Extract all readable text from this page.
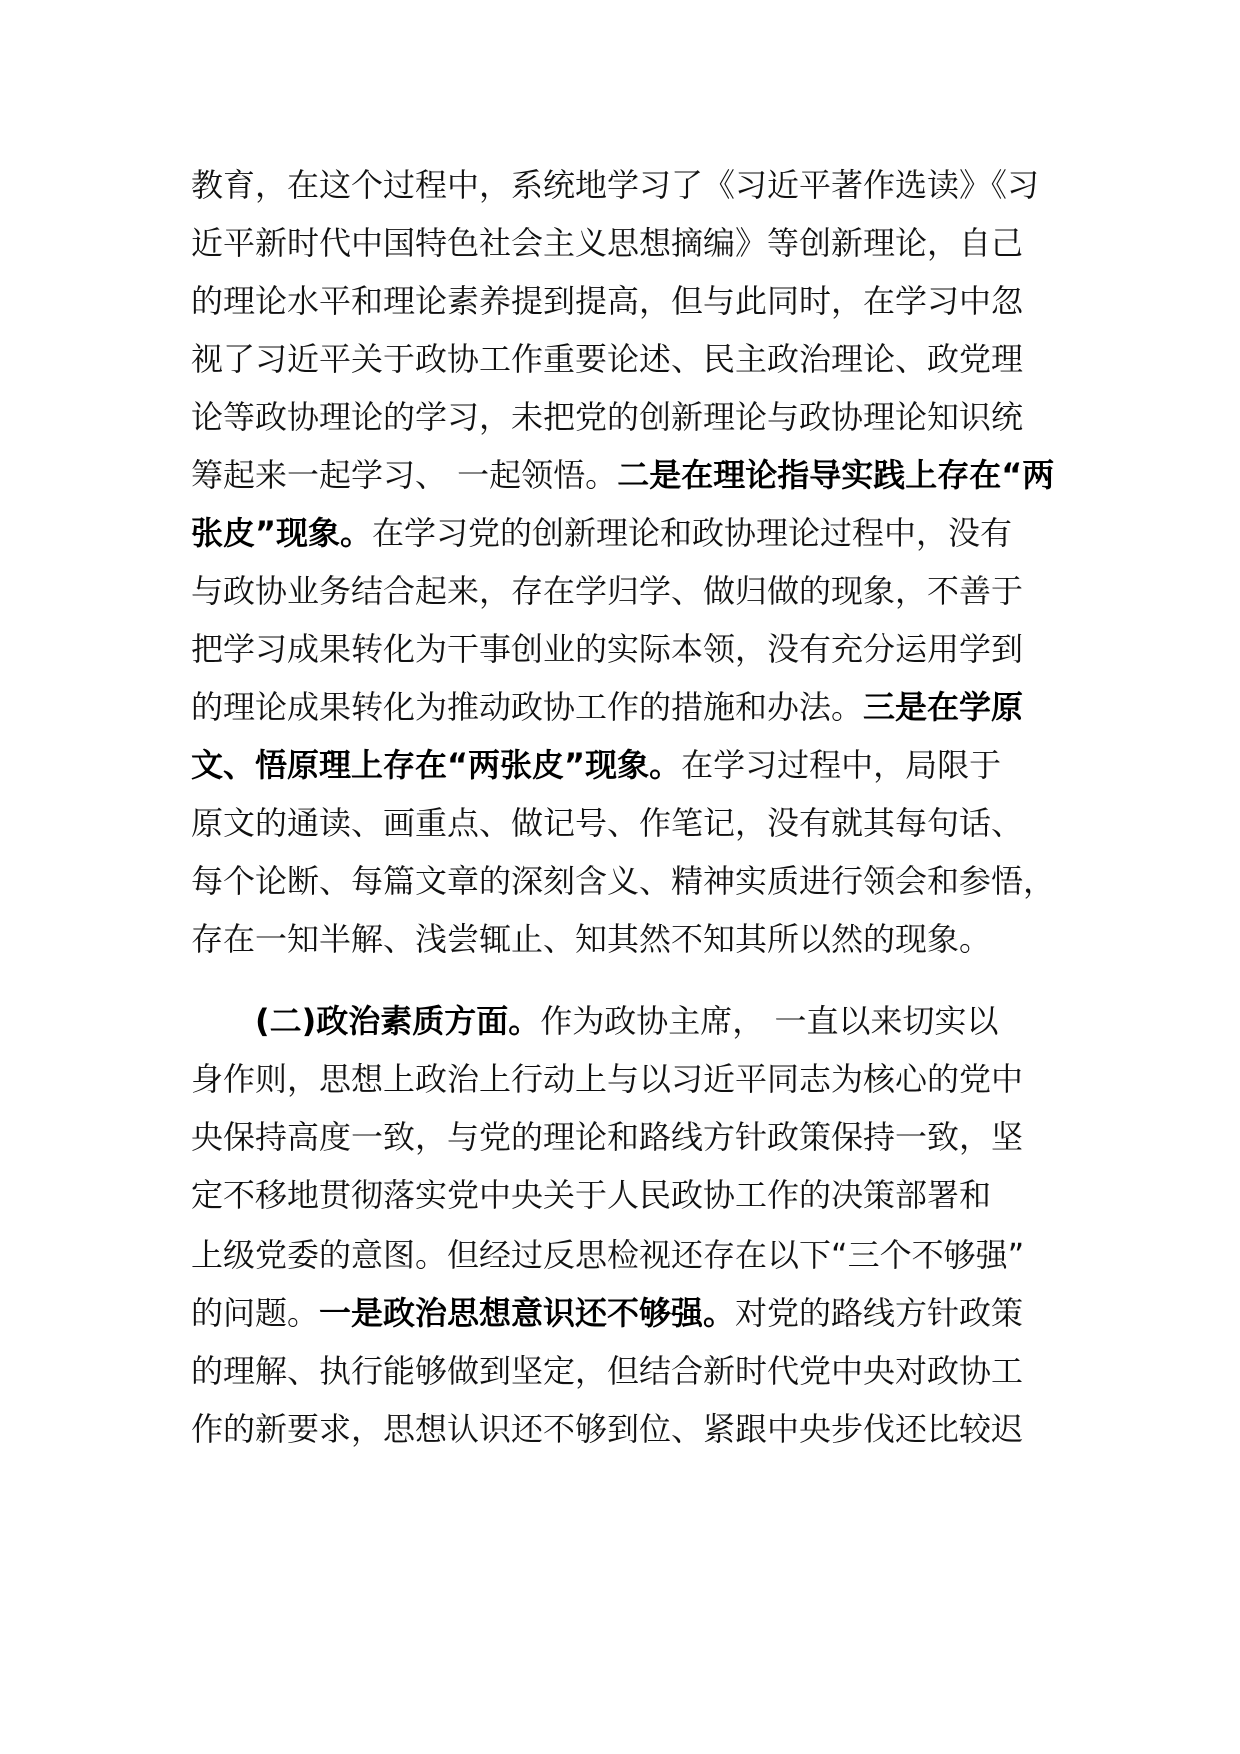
教育，在这个过程中，系统地学习了《习近平著作选读》《习
近平新时代中国特色社会主义思想摘编》等创新理论，自己
的理论水平和理论素养提到提高，但与此同时，在学习中忽
视了习近平关于政协工作重要论述、民主政治理论、政党理
论等政协理论的学习，未把党的创新理论与政协理论知识统
筹起来一起学习、 一起领悟。二是在理论指导实践上存在“两
张皮”现象。在学习党的创新理论和政协理论过程中，没有
与政协业务结合起来，存在学归学、做归做的现象，不善于
把学习成果转化为干事创业的实际本领，没有充分运用学到
的理论成果转化为推动政协工作的措施和办法。三是在学原
文、悟原理上存在“两张皮”现象。在学习过程中，局限于
原文的通读、画重点、做记号、作笔记，没有就其每句话、
每个论断、每篇文章的深刻含义、精神实质进行领会和参悟，
存在一知半解、浅尝辄止、知其然不知其所以然的现象。
(二)政治素质方面。作为政协主席， 一直以来切实以
身作则，思想上政治上行动上与以习近平同志为核心的党中
央保持高度一致，与党的理论和路线方针政策保持一致，坚
定不移地贯彻落实党中央关于人民政协工作的决策部署和
上级党委的意图。但经过反思检视还存在以下“三个不够强”
的问题。一是政治思想意识还不够强。对党的路线方针政策
的理解、执行能够做到坚定，但结合新时代党中央对政协工
作的新要求，思想认识还不够到位、紧跟中央步伐还比较迟
